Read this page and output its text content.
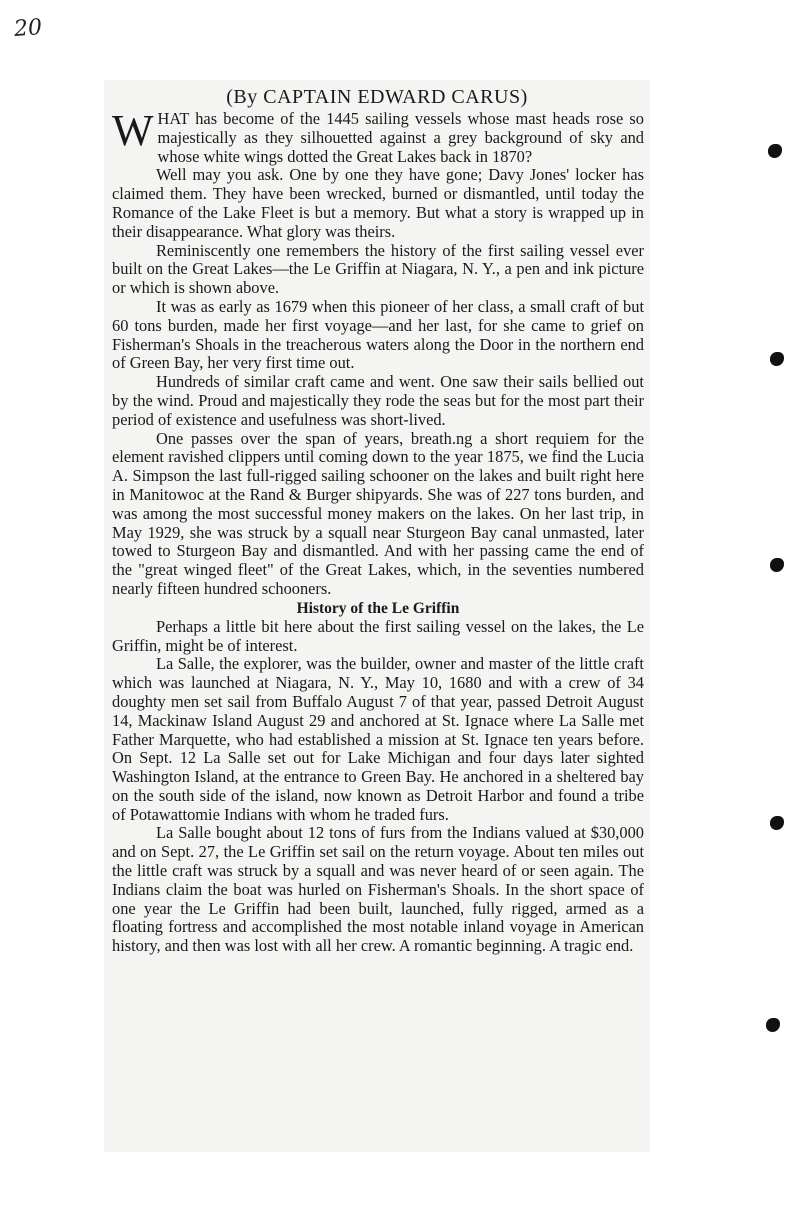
20

(By CAPTAIN EDWARD CARUS)

WHAT has become of the 1445 sailing vessels whose mast heads rose so majestically as they silhouetted against a grey background of sky and whose white wings dotted the Great Lakes back in 1870?

Well may you ask. One by one they have gone; Davy Jones' locker has claimed them. They have been wrecked, burned or dismantled, until today the Romance of the Lake Fleet is but a memory. But what a story is wrapped up in their disappearance. What glory was theirs.

Reminiscently one remembers the history of the first sailing vessel ever built on the Great Lakes—the Le Griffin at Niagara, N. Y., a pen and ink picture or which is shown above.

It was as early as 1679 when this pioneer of her class, a small craft of but 60 tons burden, made her first voyage—and her last, for she came to grief on Fisherman's Shoals in the treacherous waters along the Door in the northern end of Green Bay, her very first time out.

Hundreds of similar craft came and went. One saw their sails bellied out by the wind. Proud and majestically they rode the seas but for the most part their period of existence and usefulness was short-lived.

One passes over the span of years, breath.ng a short requiem for the element ravished clippers until coming down to the year 1875, we find the Lucia A. Simpson the last full-rigged sailing schooner on the lakes and built right here in Manitowoc at the Rand & Burger shipyards. She was of 227 tons burden, and was among the most successful money makers on the lakes. On her last trip, in May 1929, she was struck by a squall near Sturgeon Bay canal unmasted, later towed to Sturgeon Bay and dismantled. And with her passing came the end of the "great winged fleet" of the Great Lakes, which, in the seventies numbered nearly fifteen hundred schooners.

History of the Le Griffin

Perhaps a little bit here about the first sailing vessel on the lakes, the Le Griffin, might be of interest.

La Salle, the explorer, was the builder, owner and master of the little craft which was launched at Niagara, N. Y., May 10, 1680 and with a crew of 34 doughty men set sail from Buffalo August 7 of that year, passed Detroit August 14, Mackinaw Island August 29 and anchored at St. Ignace where La Salle met Father Marquette, who had established a mission at St. Ignace ten years before. On Sept. 12 La Salle set out for Lake Michigan and four days later sighted Washington Island, at the entrance to Green Bay. He anchored in a sheltered bay on the south side of the island, now known as Detroit Harbor and found a tribe of Potawattomie Indians with whom he traded furs.

La Salle bought about 12 tons of furs from the Indians valued at $30,000 and on Sept. 27, the Le Griffin set sail on the return voyage. About ten miles out the little craft was struck by a squall and was never heard of or seen again. The Indians claim the boat was hurled on Fisherman's Shoals. In the short space of one year the Le Griffin had been built, launched, fully rigged, armed as a floating fortress and accomplished the most notable inland voyage in American history, and then was lost with all her crew. A romantic beginning. A tragic end.
